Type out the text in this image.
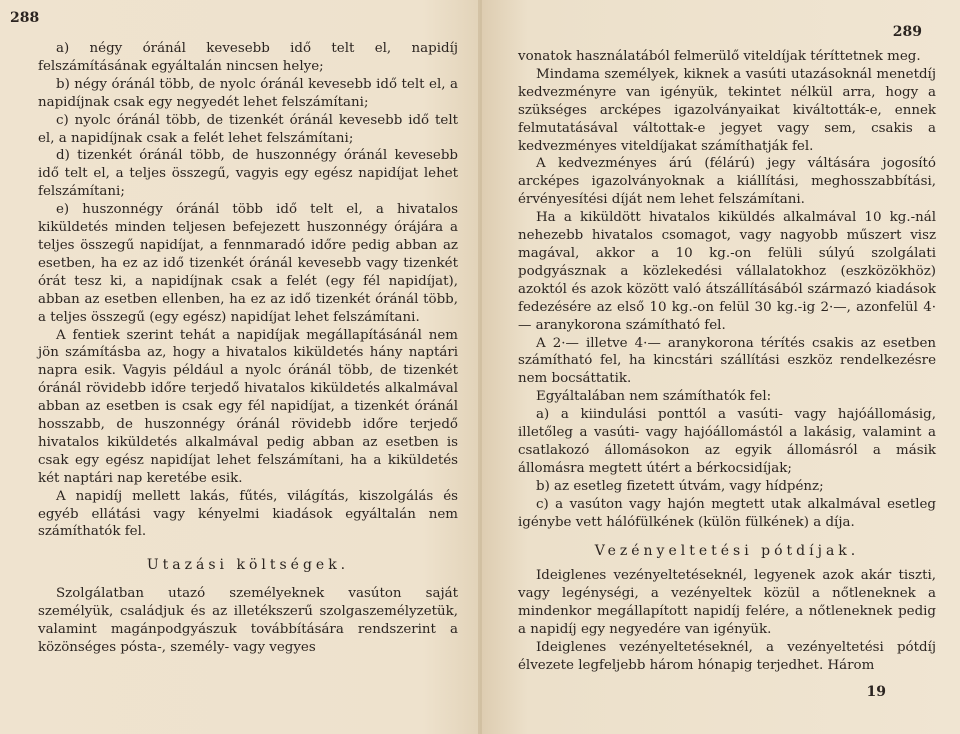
288

a) négy óránál kevesebb idő telt el, napidíj felszámításának egyáltalán nincsen helye;

b) négy óránál több, de nyolc óránál kevesebb idő telt el, a napidíjnak csak egy negyedét lehet felszámítani;

c) nyolc óránál több, de tizenkét óránál kevesebb idő telt el, a napidíjnak csak a felét lehet felszámítani;

d) tizenkét óránál több, de huszonnégy óránál kevesebb idő telt el, a teljes összegű, vagyis egy egész napidíjat lehet felszámítani;

e) huszonnégy óránál több idő telt el, a hivatalos kiküldetés minden teljesen befejezett huszonnégy órájára a teljes összegű napidíjat, a fennmaradó időre pedig abban az esetben, ha ez az idő tizenkét óránál kevesebb vagy tizenkét órát tesz ki, a napidíjnak csak a felét (egy fél napidíjat), abban az esetben ellenben, ha ez az idő tizenkét óránál több, a teljes összegű (egy egész) napidíjat lehet felszámítani.

A fentiek szerint tehát a napidíjak megállapításánál nem jön számításba az, hogy a hivatalos kiküldetés hány naptári napra esik. Vagyis például a nyolc óránál több, de tizenkét óránál rövidebb időre terjedő hivatalos kiküldetés alkalmával abban az esetben is csak egy fél napidíjat, a tizenkét óránál hosszabb, de huszonnégy óránál rövidebb időre terjedő hivatalos kiküldetés alkalmával pedig abban az esetben is csak egy egész napidíjat lehet felszámítani, ha a kiküldetés két naptári nap keretébe esik.

A napidíj mellett lakás, fűtés, világítás, kiszolgálás és egyéb ellátási vagy kényelmi kiadások egyáltalán nem számíthatók fel.

Utazási költségek.

Szolgálatban utazó személyeknek vasúton saját személyük, családjuk és az illetékszerű szolgaszemélyzetük, valamint magánpodgyászuk továbbítására rendszerint a közönséges pósta-, személy- vagy vegyes

289

vonatok használatából felmerülő viteldíjak téríttetnek meg.

Mindama személyek, kiknek a vasúti utazásoknál menetdíj kedvezményre van igényük, tekintet nélkül arra, hogy a szükséges arcképes igazolványaikat kiváltották-e, ennek felmutatásával váltottak-e jegyet vagy sem, csakis a kedvezményes viteldíjakat számíthatják fel.

A kedvezményes árú (félárú) jegy váltására jogosító arcképes igazolványoknak a kiállítási, meghosszabbítási, érvényesítési díját nem lehet felszámítani.

Ha a kiküldött hivatalos kiküldés alkalmával 10 kg.-nál nehezebb hivatalos csomagot, vagy nagyobb műszert visz magával, akkor a 10 kg.-on felüli súlyú szolgálati podgyásznak a közlekedési vállalatokhoz (eszközökhöz) azoktól és azok között való átszállításából származó kiadások fedezésére az első 10 kg.-on felül 30 kg.-ig 2·—, azonfelül 4·— aranykorona számítható fel.

A 2·— illetve 4·— aranykorona térítés csakis az esetben számítható fel, ha kincstári szállítási eszköz rendelkezésre nem bocsáttatik.

Egyáltalában nem számíthatók fel:

a) a kiindulási ponttól a vasúti- vagy hajóállomásig, illetőleg a vasúti- vagy hajóállomástól a lakásig, valamint a csatlakozó állomásokon az egyik állomásról a másik állomásra megtett útért a bérkocsidíjak;

b) az esetleg fizetett útvám, vagy hídpénz;

c) a vasúton vagy hajón megtett utak alkalmával esetleg igénybe vett hálófülkének (külön fülkének) a díja.

Vezényeltetési pótdíjak.

Ideiglenes vezényeltetéseknél, legyenek azok akár tiszti, vagy legénységi, a vezényeltek közül a nőtleneknek a mindenkor megállapított napidíj felére, a nőtleneknek pedig a napidíj egy negyedére van igényük.

Ideiglenes vezényeltetéseknél, a vezényeltetési pótdíj élvezete legfeljebb három hónapig terjedhet. Három

19
